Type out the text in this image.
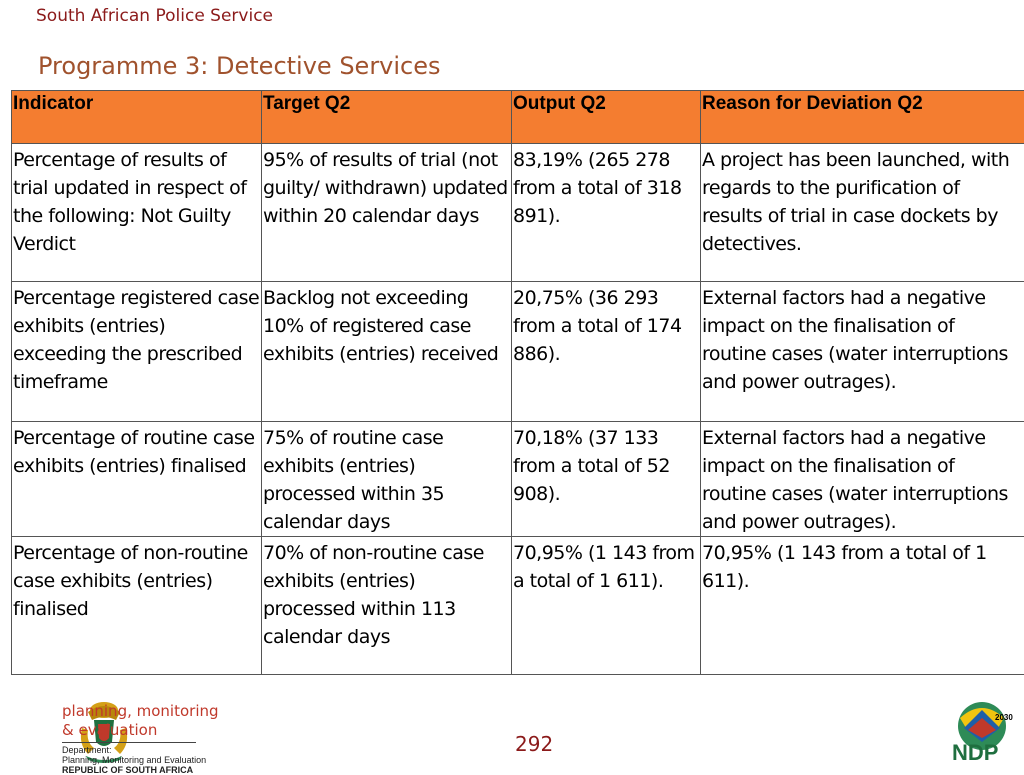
South African Police Service
Programme 3: Detective Services
Indicator	Target Q2	Output Q2	Reason for Deviation Q2
Percentage of results of trial updated in respect of the following: Not Guilty Verdict	95% of results of trial (not guilty/ withdrawn) updated within 20 calendar days	83,19% (265 278 from a total of 318 891).	A project has been launched, with regards to the purification of results of trial in case dockets by detectives.
Percentage registered case exhibits (entries) exceeding the prescribed timeframe	Backlog not exceeding 10% of registered case exhibits (entries) received	20,75% (36 293 from a total of 174 886).	External factors had a negative impact on the finalisation of routine cases (water interruptions and power outrages).
Percentage of routine case exhibits (entries) finalised	75% of routine case exhibits (entries) processed within 35 calendar days	70,18% (37 133 from a total of 52 908).	External factors had a negative impact on the finalisation of routine cases (water interruptions and power outrages).
Percentage of non-routine case exhibits (entries) finalised	70% of non-routine case exhibits (entries) processed within 113 calendar days	70,95% (1 143 from a total of 1 611).	70,95% (1 143 from a total of 1 611).
planning, monitoring
& evaluation
Department:
Planning, Monitoring and Evaluation
REPUBLIC OF SOUTH AFRICA
292
2030
NDP
